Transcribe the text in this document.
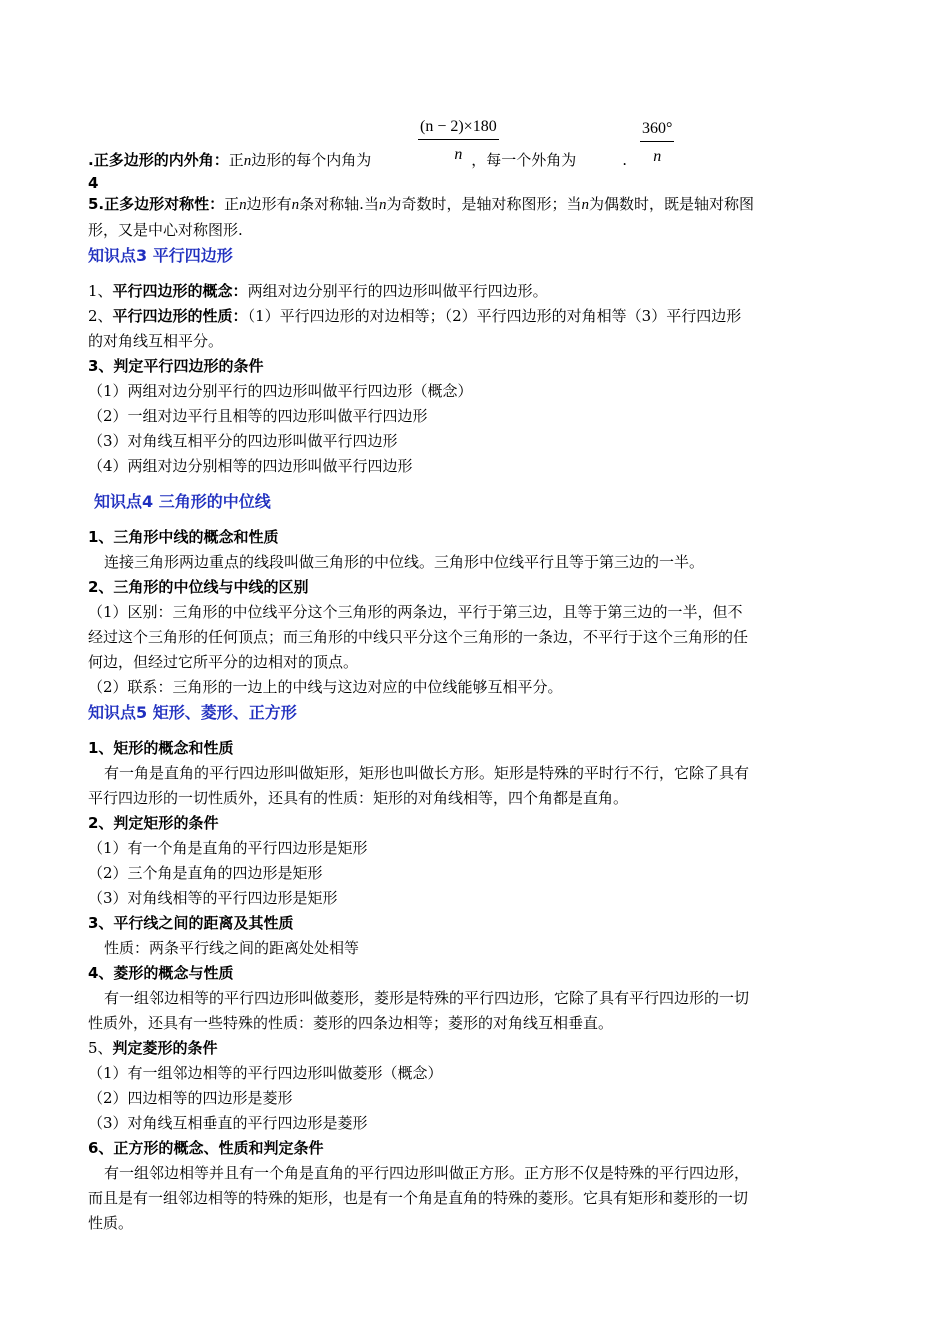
$\frac{(n - 2)\times 180}{n}$	$\frac{360^\circ}{n}$
.正多边形的内外角：正n边形的每个内角为	，每一个外角为	.
4
5.正多边形对称性：正n边形有n条对称轴.当n为奇数时，是轴对称图形；当n为偶数时，既是轴对称图
形，又是中心对称图形.
知识点3 平行四边形
1、平行四边形的概念：两组对边分别平行的四边形叫做平行四边形。
2、平行四边形的性质：（1）平行四边形的对边相等；（2）平行四边形的对角相等（3）平行四边形
的对角线互相平分。
3、判定平行四边形的条件
（1）两组对边分别平行的四边形叫做平行四边形（概念）
（2）一组对边平行且相等的四边形叫做平行四边形
（3）对角线互相平分的四边形叫做平行四边形
（4）两组对边分别相等的四边形叫做平行四边形
知识点4 三角形的中位线
1、三角形中线的概念和性质
连接三角形两边重点的线段叫做三角形的中位线。三角形中位线平行且等于第三边的一半。
2、三角形的中位线与中线的区别
（1）区别：三角形的中位线平分这个三角形的两条边，平行于第三边，且等于第三边的一半，但不
经过这个三角形的任何顶点；而三角形的中线只平分这个三角形的一条边，不平行于这个三角形的任
何边，但经过它所平分的边相对的顶点。
（2）联系：三角形的一边上的中线与这边对应的中位线能够互相平分。
知识点5 矩形、菱形、正方形
1、矩形的概念和性质
有一角是直角的平行四边形叫做矩形，矩形也叫做长方形。矩形是特殊的平时行不行，它除了具有
平行四边形的一切性质外，还具有的性质：矩形的对角线相等，四个角都是直角。
2、判定矩形的条件
（1）有一个角是直角的平行四边形是矩形
（2）三个角是直角的四边形是矩形
（3）对角线相等的平行四边形是矩形
3、平行线之间的距离及其性质
性质：两条平行线之间的距离处处相等
4、菱形的概念与性质
有一组邻边相等的平行四边形叫做菱形，菱形是特殊的平行四边形，它除了具有平行四边形的一切
性质外，还具有一些特殊的性质：菱形的四条边相等；菱形的对角线互相垂直。
5、判定菱形的条件
（1）有一组邻边相等的平行四边形叫做菱形（概念）
（2）四边相等的四边形是菱形
（3）对角线互相垂直的平行四边形是菱形
6、正方形的概念、性质和判定条件
有一组邻边相等并且有一个角是直角的平行四边形叫做正方形。正方形不仅是特殊的平行四边形，
而且是有一组邻边相等的特殊的矩形，也是有一个角是直角的特殊的菱形。它具有矩形和菱形的一切
性质。
